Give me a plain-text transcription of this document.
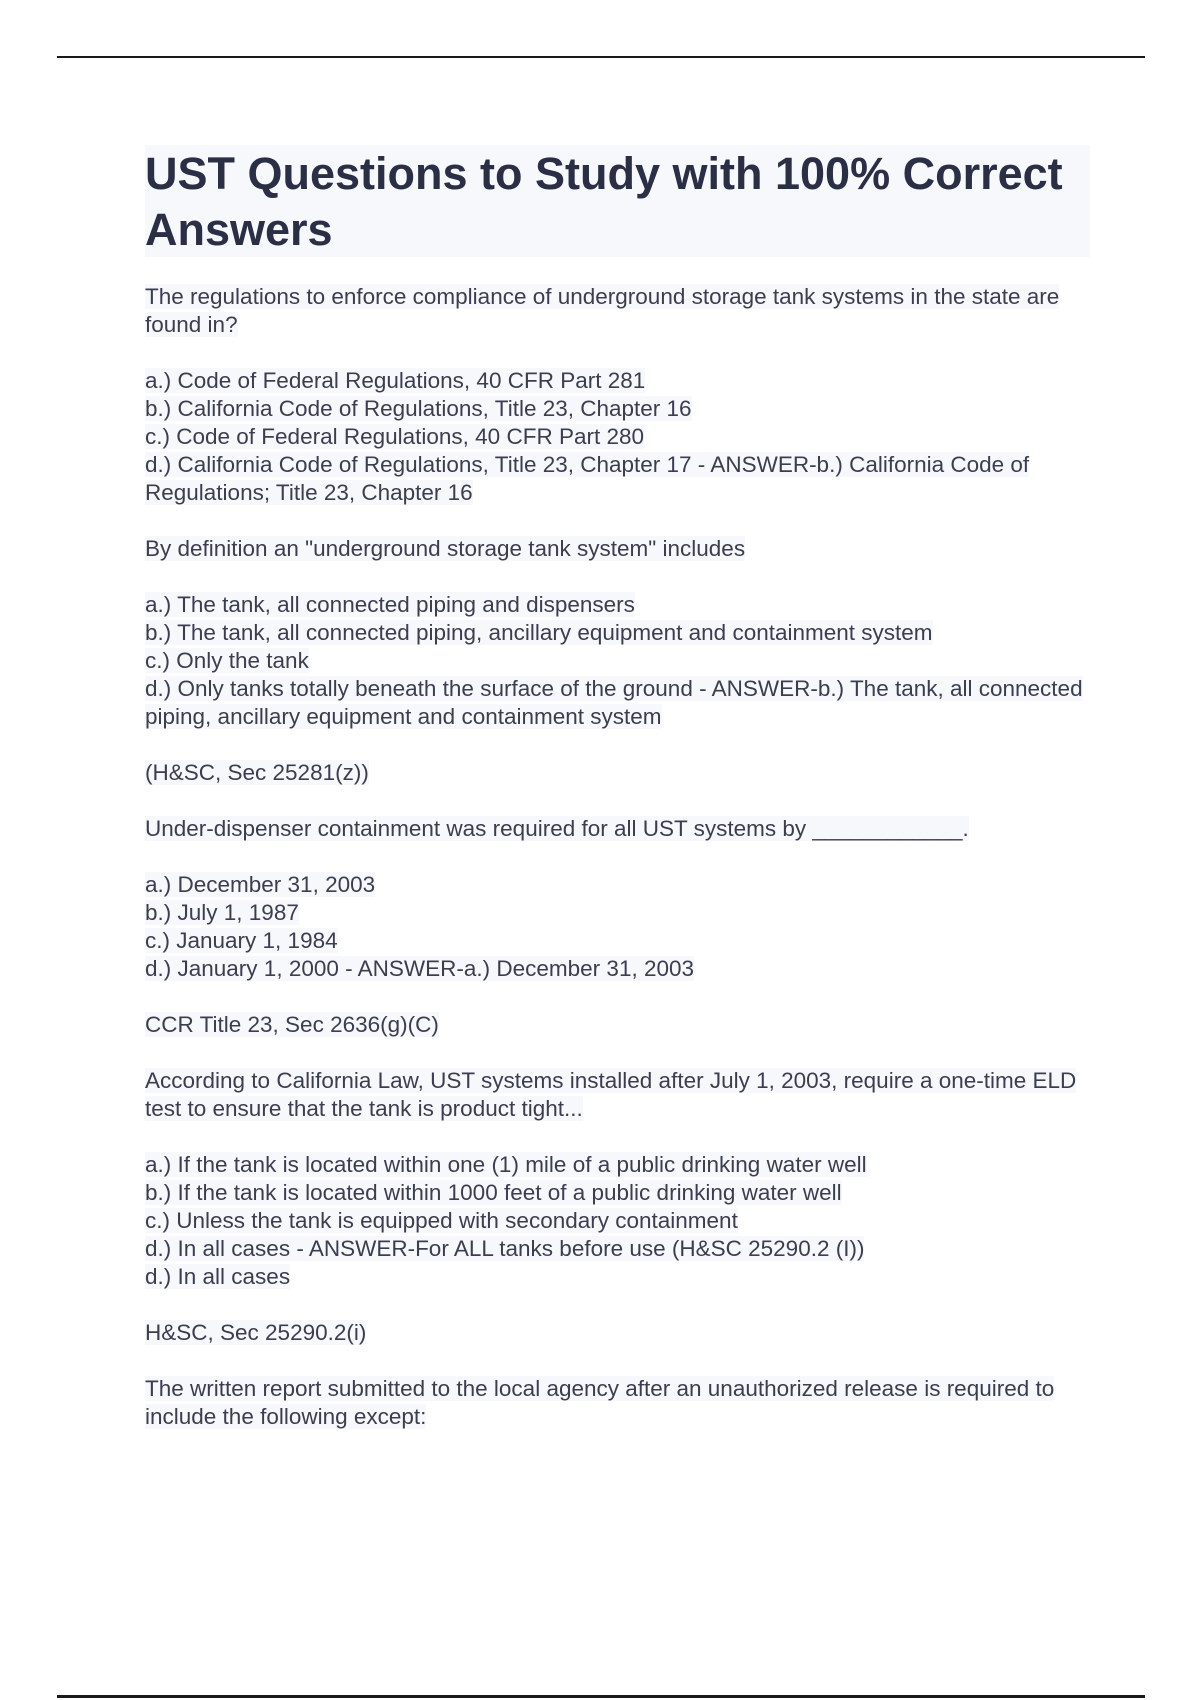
UST Questions to Study with 100% Correct Answers

The regulations to enforce compliance of underground storage tank systems in the state are found in?

a.) Code of Federal Regulations, 40 CFR Part 281
b.) California Code of Regulations, Title 23, Chapter 16
c.) Code of Federal Regulations, 40 CFR Part 280
d.) California Code of Regulations, Title 23, Chapter 17 - ANSWER-b.) California Code of Regulations; Title 23, Chapter 16

By definition an "underground storage tank system" includes

a.) The tank, all connected piping and dispensers
b.) The tank, all connected piping, ancillary equipment and containment system
c.) Only the tank
d.) Only tanks totally beneath the surface of the ground - ANSWER-b.) The tank, all connected piping, ancillary equipment and containment system

(H&SC, Sec 25281(z))

Under-dispenser containment was required for all UST systems by ____________.

a.) December 31, 2003
b.) July 1, 1987
c.) January 1, 1984
d.) January 1, 2000 - ANSWER-a.) December 31, 2003

CCR Title 23, Sec 2636(g)(C)

According to California Law, UST systems installed after July 1, 2003, require a one-time ELD test to ensure that the tank is product tight...

a.) If the tank is located within one (1) mile of a public drinking water well
b.) If the tank is located within 1000 feet of a public drinking water well
c.) Unless the tank is equipped with secondary containment
d.) In all cases - ANSWER-For ALL tanks before use (H&SC 25290.2 (I))
d.) In all cases

H&SC, Sec 25290.2(i)

The written report submitted to the local agency after an unauthorized release is required to include the following except:
